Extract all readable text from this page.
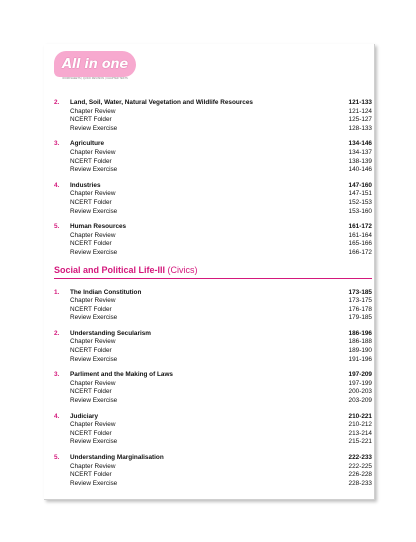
All in one
WORKSHEETS | QUICK REVISION | CHAPTER TESTS
2.	Land, Soil, Water, Natural Vegetation and Wildlife Resources	121-133
Chapter Review	121-124
NCERT Folder	125-127
Review Exercise	128-133
3.	Agriculture	134-146
Chapter Review	134-137
NCERT Folder	138-139
Review Exercise	140-146
4.	Industries	147-160
Chapter Review	147-151
NCERT Folder	152-153
Review Exercise	153-160
5.	Human Resources	161-172
Chapter Review	161-164
NCERT Folder	165-166
Review Exercise	166-172
Social and Political Life-III (Civics)
1.	The Indian Constitution	173-185
Chapter Review	173-175
NCERT Folder	176-178
Review Exercise	179-185
2.	Understanding Secularism	186-196
Chapter Review	186-188
NCERT Folder	189-190
Review Exercise	191-196
3.	Parliment and the Making of Laws	197-209
Chapter Review	197-199
NCERT Folder	200-203
Review Exercise	203-209
4.	Judiciary	210-221
Chapter Review	210-212
NCERT Folder	213-214
Review Exercise	215-221
5.	Understanding Marginalisation	222-233
Chapter Review	222-225
NCERT Folder	226-228
Review Exercise	228-233
